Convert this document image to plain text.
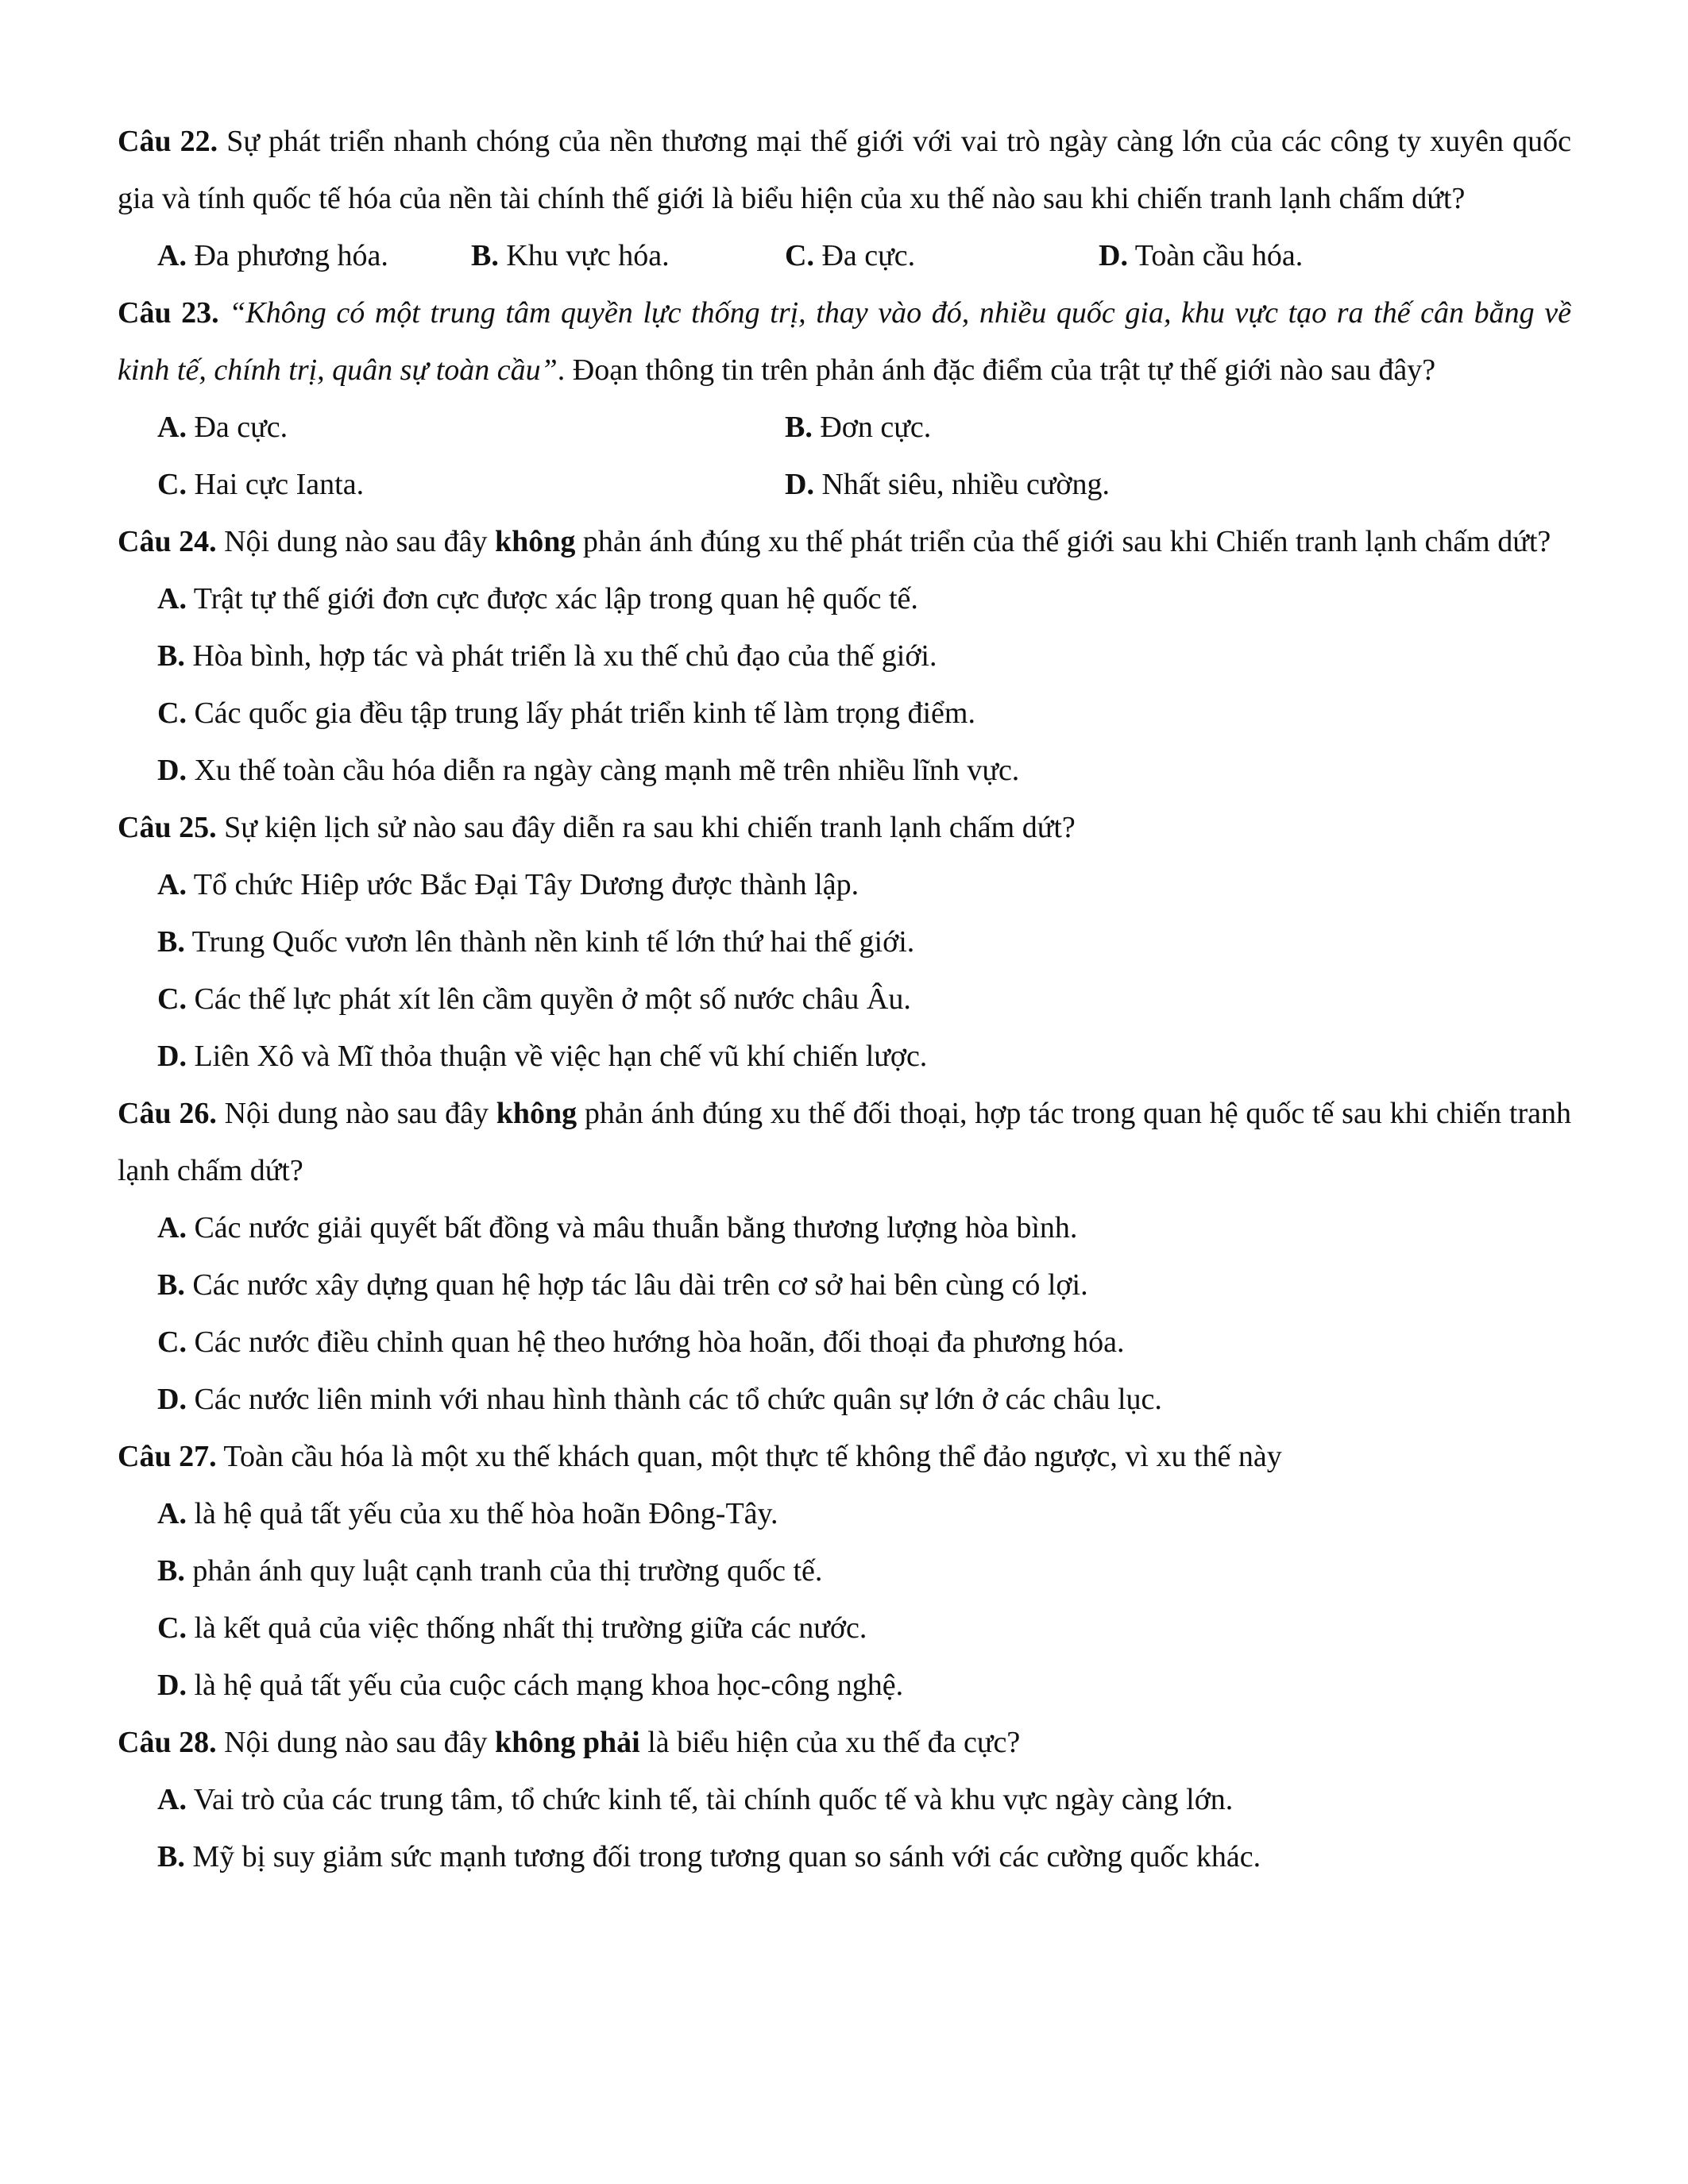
Câu 22. Sự phát triển nhanh chóng của nền thương mại thế giới với vai trò ngày càng lớn của các công ty xuyên quốc gia và tính quốc tế hóa của nền tài chính thế giới là biểu hiện của xu thế nào sau khi chiến tranh lạnh chấm dứt?

A. Đa phương hóa.	B. Khu vực hóa.	C. Đa cực.	D. Toàn cầu hóa.

Câu 23. “Không có một trung tâm quyền lực thống trị, thay vào đó, nhiều quốc gia, khu vực tạo ra thế cân bằng về kinh tế, chính trị, quân sự toàn cầu”. Đoạn thông tin trên phản ánh đặc điểm của trật tự thế giới nào sau đây?

A. Đa cực.	B. Đơn cực.
C. Hai cực Ianta.	D. Nhất siêu, nhiều cường.

Câu 24. Nội dung nào sau đây không phản ánh đúng xu thế phát triển của thế giới sau khi Chiến tranh lạnh chấm dứt?

A. Trật tự thế giới đơn cực được xác lập trong quan hệ quốc tế.
B. Hòa bình, hợp tác và phát triển là xu thế chủ đạo của thế giới.
C. Các quốc gia đều tập trung lấy phát triển kinh tế làm trọng điểm.
D. Xu thế toàn cầu hóa diễn ra ngày càng mạnh mẽ trên nhiều lĩnh vực.

Câu 25. Sự kiện lịch sử nào sau đây diễn ra sau khi chiến tranh lạnh chấm dứt?

A. Tổ chức Hiêp ước Bắc Đại Tây Dương được thành lập.
B. Trung Quốc vươn lên thành nền kinh tế lớn thứ hai thế giới.
C. Các thế lực phát xít lên cầm quyền ở một số nước châu Âu.
D. Liên Xô và Mĩ thỏa thuận về việc hạn chế vũ khí chiến lược.

Câu 26. Nội dung nào sau đây không phản ánh đúng xu thế đối thoại, hợp tác trong quan hệ quốc tế sau khi chiến tranh lạnh chấm dứt?

A. Các nước giải quyết bất đồng và mâu thuẫn bằng thương lượng hòa bình.
B. Các nước xây dựng quan hệ hợp tác lâu dài trên cơ sở hai bên cùng có lợi.
C. Các nước điều chỉnh quan hệ theo hướng hòa hoãn, đối thoại đa phương hóa.
D. Các nước liên minh với nhau hình thành các tổ chức quân sự lớn ở các châu lục.

Câu 27. Toàn cầu hóa là một xu thế khách quan, một thực tế không thể đảo ngược, vì xu thế này

A. là hệ quả tất yếu của xu thế hòa hoãn Đông-Tây.
B. phản ánh quy luật cạnh tranh của thị trường quốc tế.
C. là kết quả của việc thống nhất thị trường giữa các nước.
D. là hệ quả tất yếu của cuộc cách mạng khoa học-công nghệ.

Câu 28. Nội dung nào sau đây không phải là biểu hiện của xu thế đa cực?

A. Vai trò của các trung tâm, tổ chức kinh tế, tài chính quốc tế và khu vực ngày càng lớn.
B. Mỹ bị suy giảm sức mạnh tương đối trong tương quan so sánh với các cường quốc khác.
